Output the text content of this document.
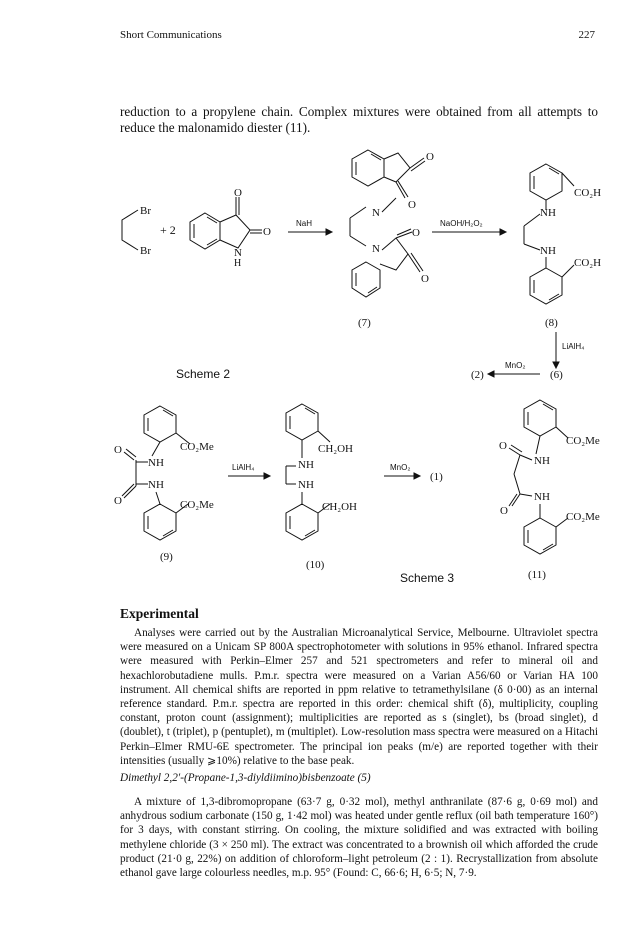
Short Communications	227

reduction to a propylene chain. Complex mixtures were obtained from all attempts to reduce the malonamido diester (11).

Br
Br
+ 2
O
O
N
H
NaH
O
O
N
N
O
O
(7)
NaOH/H₂O₂
CO₂H
NH
NH
CO₂H
(8)
LiAlH₄
Scheme 2	(2)
MnO₂
(6)
CO₂Me
O
NH
NH
O	CO₂Me
(9)
LiAlH₄
CH₂OH
NH
NH
CH₂OH
(10)
MnO₂
(1)
CO₂Me
O
NH
NH
O	CO₂Me
(11)
Scheme 3
Experimental

Analyses were carried out by the Australian Microanalytical Service, Melbourne. Ultraviolet spectra were measured on a Unicam SP 800A spectrophotometer with solutions in 95% ethanol. Infrared spectra were measured with Perkin–Elmer 257 and 521 spectrometers and refer to mineral oil and hexachlorobutadiene mulls. P.m.r. spectra were measured on a Varian A56/60 or Varian HA 100 instrument. All chemical shifts are reported in ppm relative to tetramethylsilane (δ 0·00) as an internal reference standard. P.m.r. spectra are reported in this order: chemical shift (δ), multiplicity, coupling constant, proton count (assignment); multiplicities are reported as s (singlet), bs (broad singlet), d (doublet), t (triplet), p (pentuplet), m (multiplet). Low-resolution mass spectra were measured on a Hitachi Perkin–Elmer RMU-6E spectrometer. The principal ion peaks (m/e) are reported together with their intensities (usually ⩾10%) relative to the base peak.

Dimethyl 2,2′-(Propane-1,3-diyldiimino)bisbenzoate (5)

A mixture of 1,3-dibromopropane (63·7 g, 0·32 mol), methyl anthranilate (87·6 g, 0·69 mol) and anhydrous sodium carbonate (150 g, 1·42 mol) was heated under gentle reflux (oil bath temperature 160°) for 3 days, with constant stirring. On cooling, the mixture solidified and was extracted with boiling methylene chloride (3 × 250 ml). The extract was concentrated to a brownish oil which afforded the crude product (21·0 g, 22%) on addition of chloroform–light petroleum (2 : 1). Recrystallization from absolute ethanol gave large colourless needles, m.p. 95° (Found: C, 66·6; H, 6·5; N, 7·9.
